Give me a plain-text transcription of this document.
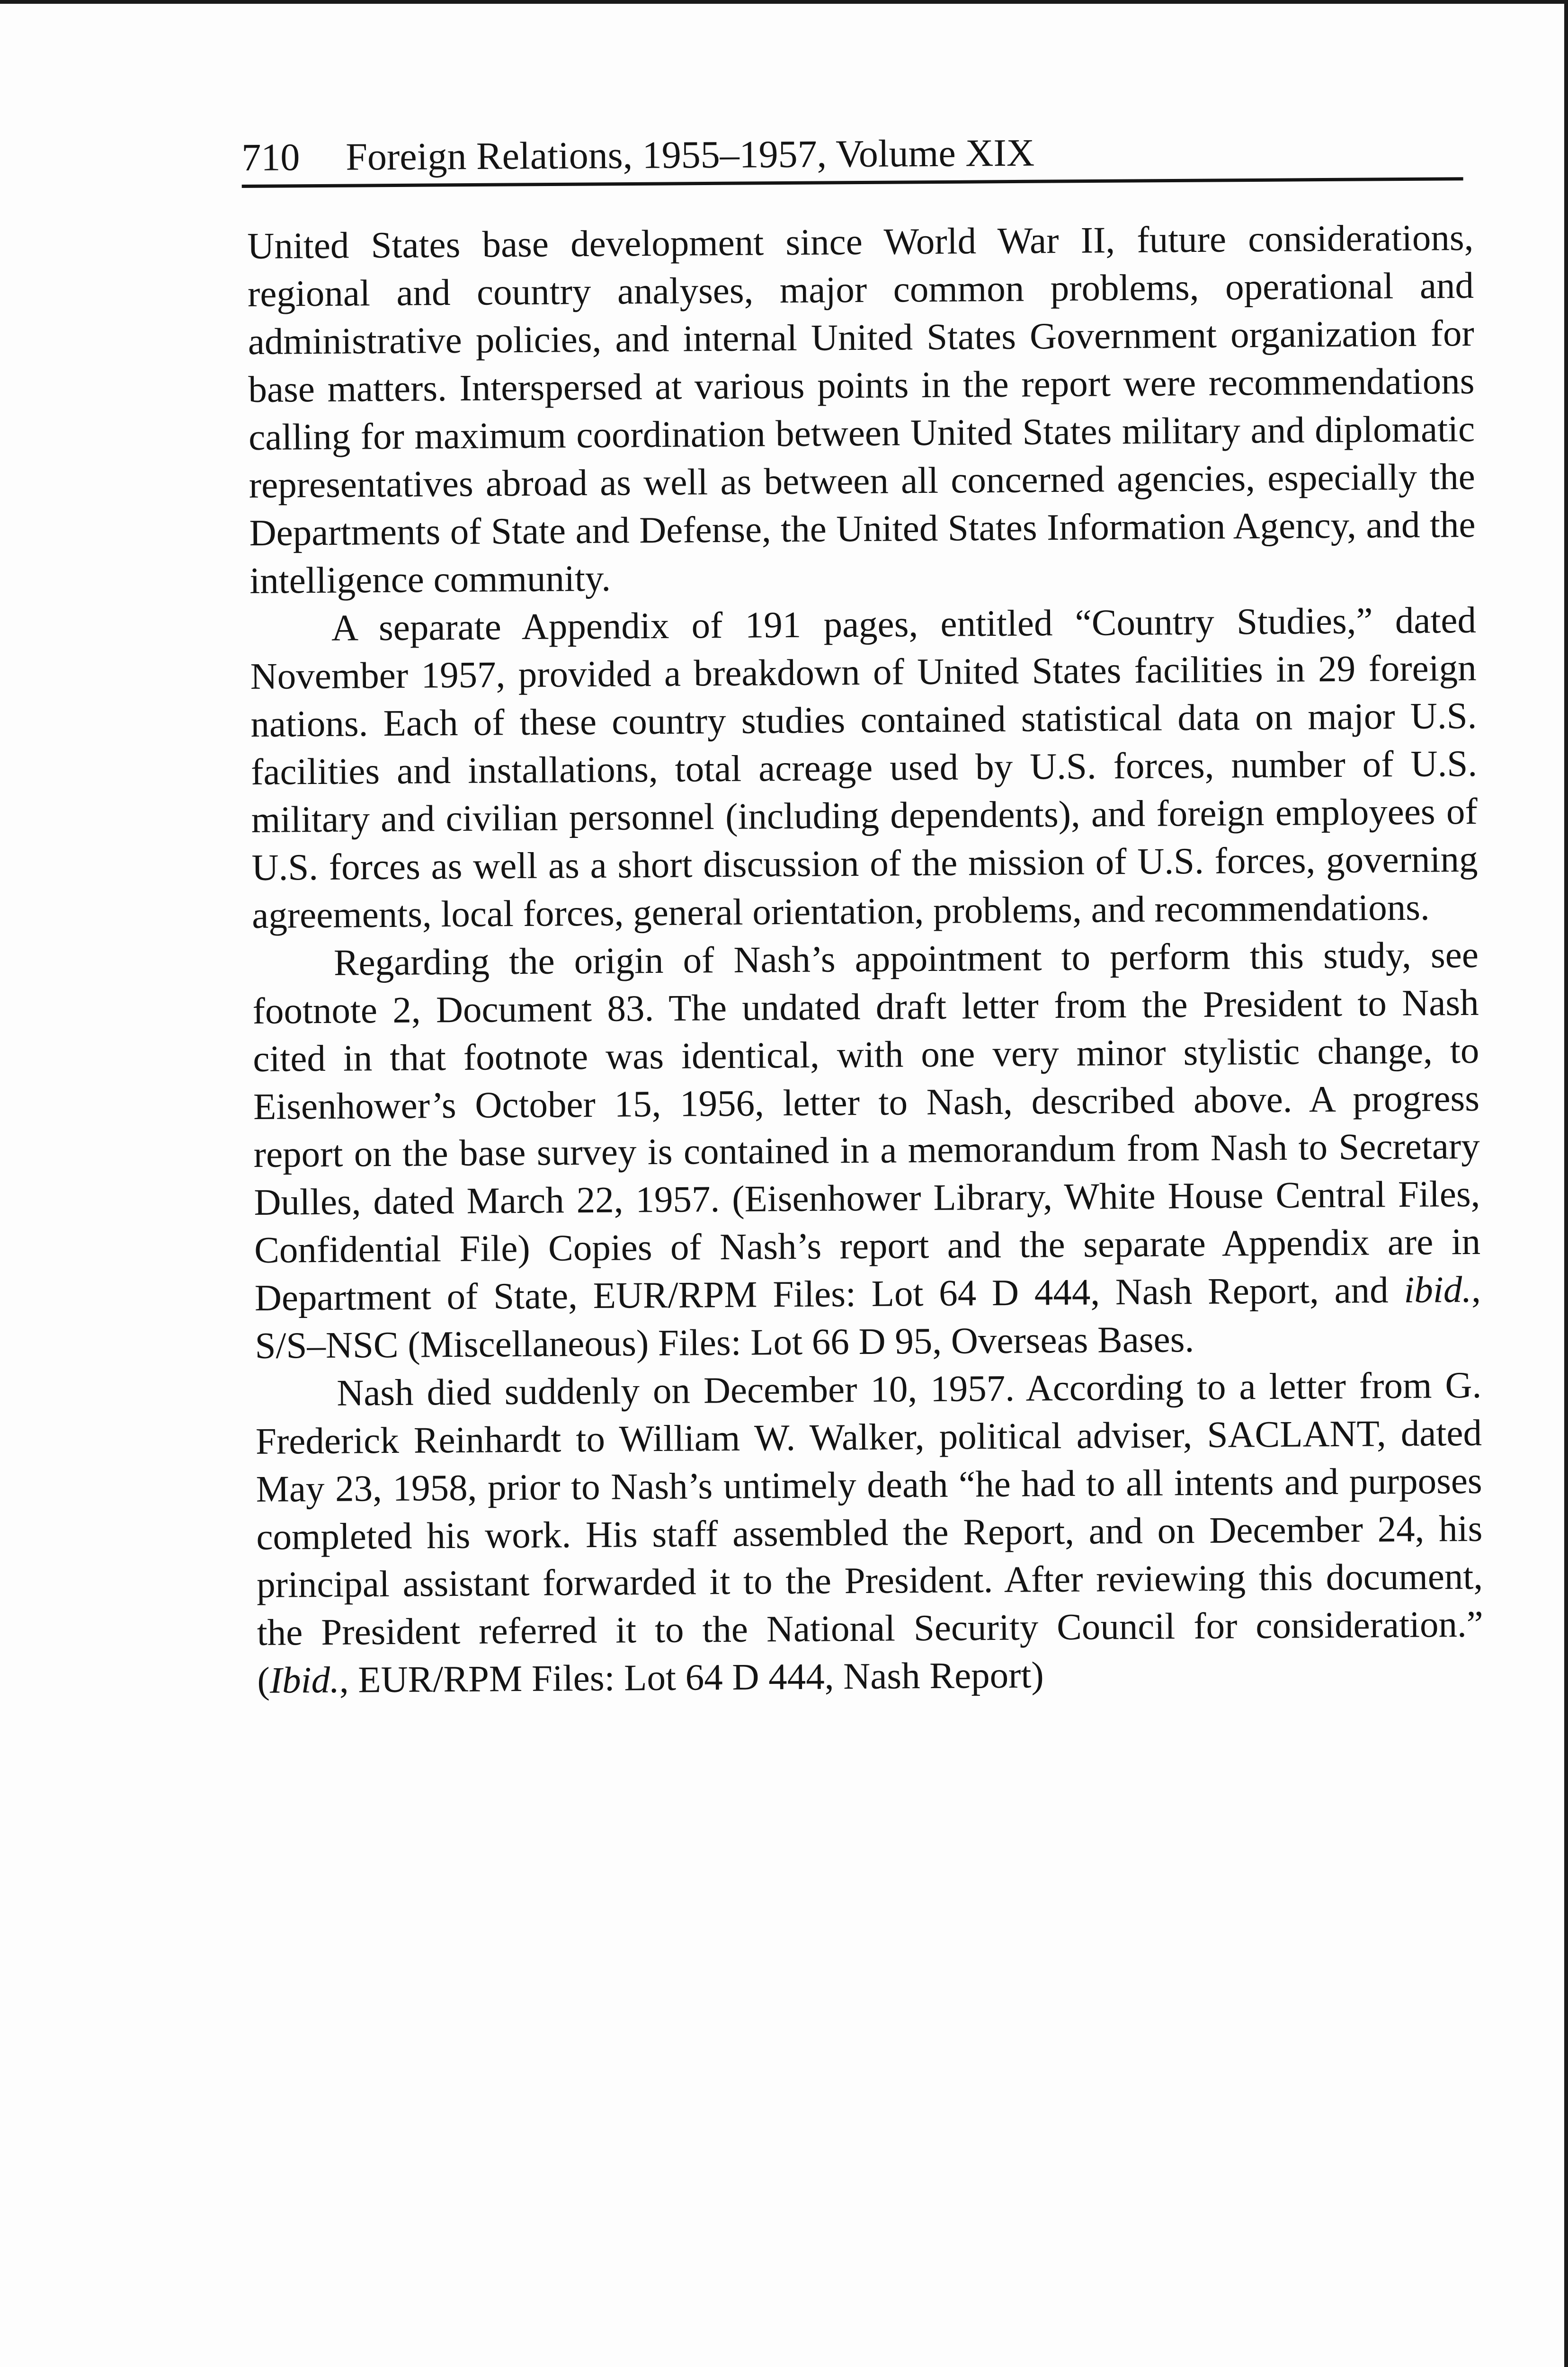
710 Foreign Relations, 1955–1957, Volume XIX

United States base development since World War II, future considerations, regional and country analyses, major common problems, operational and administrative policies, and internal United States Government organization for base matters. Interspersed at various points in the report were recommendations calling for maximum coordination between United States military and diplomatic representatives abroad as well as between all concerned agencies, especially the Departments of State and Defense, the United States Information Agency, and the intelligence community.

A separate Appendix of 191 pages, entitled “Country Studies,” dated November 1957, provided a breakdown of United States facilities in 29 foreign nations. Each of these country studies contained statistical data on major U.S. facilities and installations, total acreage used by U.S. forces, number of U.S. military and civilian personnel (including dependents), and foreign employees of U.S. forces as well as a short discussion of the mission of U.S. forces, governing agreements, local forces, general orientation, problems, and recommendations.

Regarding the origin of Nash’s appointment to perform this study, see footnote 2, Document 83. The undated draft letter from the President to Nash cited in that footnote was identical, with one very minor stylistic change, to Eisenhower’s October 15, 1956, letter to Nash, described above. A progress report on the base survey is contained in a memorandum from Nash to Secretary Dulles, dated March 22, 1957. (Eisenhower Library, White House Central Files, Confidential File) Copies of Nash’s report and the separate Appendix are in Department of State, EUR/RPM Files: Lot 64 D 444, Nash Report, and ibid., S/S–NSC (Miscellaneous) Files: Lot 66 D 95, Overseas Bases.

Nash died suddenly on December 10, 1957. According to a letter from G. Frederick Reinhardt to William W. Walker, political adviser, SACLANT, dated May 23, 1958, prior to Nash’s untimely death “he had to all intents and purposes completed his work. His staff assembled the Report, and on December 24, his principal assistant forwarded it to the President. After reviewing this document, the President referred it to the National Security Council for consideration.” (Ibid., EUR/RPM Files: Lot 64 D 444, Nash Report)
